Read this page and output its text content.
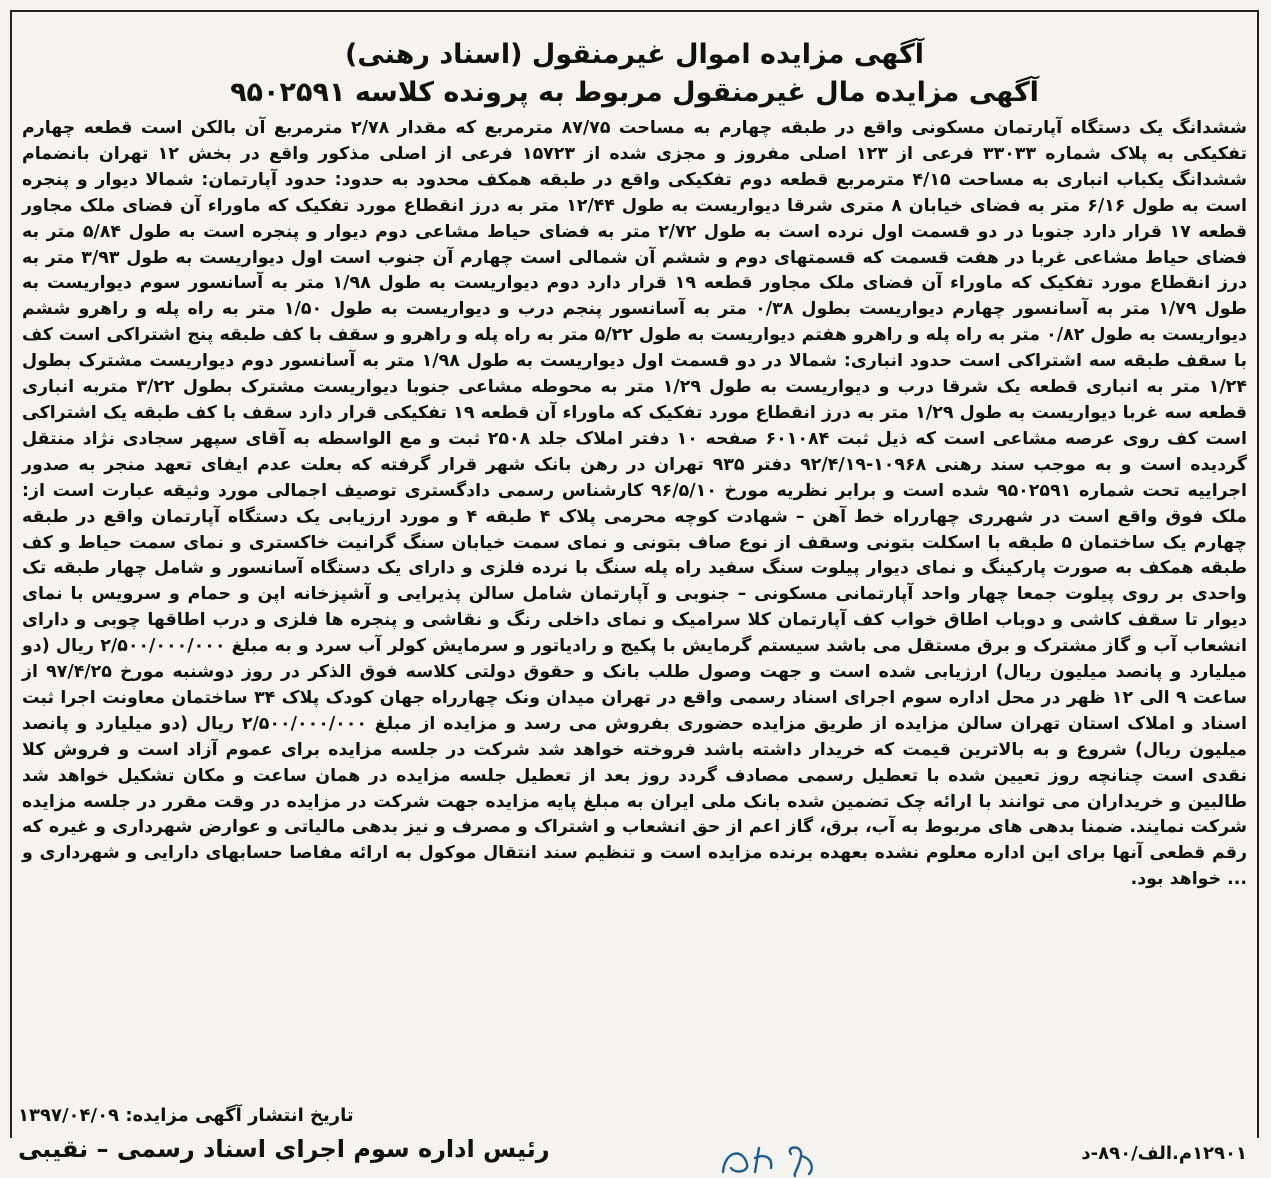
آگهی مزایده اموال غیرمنقول (اسناد رهنی)
آگهی مزایده مال غیرمنقول مربوط به پرونده کلاسه ۹۵۰۲۵۹۱

ششدانگ یک دستگاه آپارتمان مسکونی واقع در طبقه چهارم به مساحت ۸۷/۷۵ مترمربع که مقدار ۲/۷۸ مترمربع آن بالکن است قطعه چهارم تفکیکی به پلاک شماره ۳۳۰۳۳ فرعی از ۱۲۳ اصلی مفروز و مجزی شده از ۱۵۷۲۳ فرعی از اصلی مذکور واقع در بخش ۱۲ تهران بانضمام ششدانگ یکباب انباری به مساحت ۴/۱۵ مترمربع قطعه دوم تفکیکی واقع در طبقه همکف محدود به حدود: حدود آپارتمان: شمالا دیوار و پنجره است به طول ۶/۱۶ متر به فضای خیابان ۸ متری شرقا دیواریست به طول ۱۲/۴۴ متر به درز انقطاع مورد تفکیک که ماوراء آن فضای ملک مجاور قطعه ۱۷ قرار دارد جنوبا در دو قسمت اول نرده است به طول ۲/۷۲ متر به فضای حیاط مشاعی دوم دیوار و پنجره است به طول ۵/۸۴ متر به فضای حیاط مشاعی غربا در هفت قسمت که قسمتهای دوم و ششم آن شمالی است چهارم آن جنوب است اول دیواریست به طول ۳/۹۳ متر به درز انقطاع مورد تفکیک که ماوراء آن فضای ملک مجاور قطعه ۱۹ قرار دارد دوم دیواریست به طول ۱/۹۸ متر به آسانسور سوم دیواریست به طول ۱/۷۹ متر به آسانسور چهارم دیواریست بطول ۰/۳۸ متر به آسانسور پنجم درب و دیواریست به طول ۱/۵۰ متر به راه پله و راهرو ششم دیواریست به طول ۰/۸۲ متر به راه پله و راهرو هفتم دیواریست به طول ۵/۲۲ متر به راه پله و راهرو و سقف با کف طبقه پنج اشتراکی است کف با سقف طبقه سه اشتراکی است حدود انباری: شمالا در دو قسمت اول دیواریست به طول ۱/۹۸ متر به آسانسور دوم دیواریست مشترک بطول ۱/۲۴ متر به انباری قطعه یک شرقا درب و دیواریست به طول ۱/۲۹ متر به محوطه مشاعی جنوبا دیواریست مشترک بطول ۳/۲۲ متربه انباری قطعه سه غربا دیواریست به طول ۱/۲۹ متر به درز انقطاع مورد تفکیک که ماوراء آن قطعه ۱۹ تفکیکی قرار دارد سقف با کف طبقه یک اشتراکی است کف روی عرصه مشاعی است که ذیل ثبت ۶۰۱۰۸۴ صفحه ۱۰ دفتر املاک جلد ۲۵۰۸ ثبت و مع الواسطه به آقای سپهر سجادی نژاد منتقل گردیده است و به موجب سند رهنی ۱۰۹۶۸-۹۲/۴/۱۹ دفتر ۹۳۵ تهران در رهن بانک شهر قرار گرفته که بعلت عدم ایفای تعهد منجر به صدور اجراییه تحت شماره ۹۵۰۲۵۹۱ شده است و برابر نظریه مورخ ۹۶/۵/۱۰ کارشناس رسمی دادگستری توصیف اجمالی مورد وثیقه عبارت است از: ملک فوق واقع است در شهرری چهارراه خط آهن – شهادت کوچه محرمی پلاک ۴ طبقه ۴ و مورد ارزیابی یک دستگاه آپارتمان واقع در طبقه چهارم یک ساختمان ۵ طبقه با اسکلت بتونی وسقف از نوع صاف بتونی و نمای سمت خیابان سنگ گرانیت خاکستری و نمای سمت حیاط و کف طبقه همکف به صورت پارکینگ و نمای دیوار پیلوت سنگ سفید راه پله سنگ با نرده فلزی و دارای یک دستگاه آسانسور و شامل چهار طبقه تک واحدی بر روی پیلوت جمعا چهار واحد آپارتمانی مسکونی – جنوبی و آپارتمان شامل سالن پذیرایی و آشپزخانه اپن و حمام و سرویس با نمای دیوار تا سقف کاشی و دوباب اطاق خواب کف آپارتمان کلا سرامیک و نمای داخلی رنگ و نقاشی و پنجره ها فلزی و درب اطاقها چوبی و دارای انشعاب آب و گاز مشترک و برق مستقل می باشد سیستم گرمایش با پکیج و رادیاتور و سرمایش کولر آب سرد و به مبلغ ۲/۵۰۰/۰۰۰/۰۰۰ ریال (دو میلیارد و پانصد میلیون ریال) ارزیابی شده است و جهت وصول طلب بانک و حقوق دولتی کلاسه فوق الذکر در روز دوشنبه مورخ ۹۷/۴/۲۵ از ساعت ۹ الی ۱۲ ظهر در محل اداره سوم اجرای اسناد رسمی واقع در تهران میدان ونک چهارراه جهان کودک پلاک ۳۴ ساختمان معاونت اجرا ثبت اسناد و املاک استان تهران سالن مزایده از طریق مزایده حضوری بفروش می رسد و مزایده از مبلغ ۲/۵۰۰/۰۰۰/۰۰۰ ریال (دو میلیارد و پانصد میلیون ریال) شروع و به بالاترین قیمت که خریدار داشته باشد فروخته خواهد شد شرکت در جلسه مزایده برای عموم آزاد است و فروش کلا نقدی است چنانچه روز تعیین شده با تعطیل رسمی مصادف گردد روز بعد از تعطیل جلسه مزایده در همان ساعت و مکان تشکیل خواهد شد طالبین و خریداران می توانند با ارائه چک تضمین شده بانک ملی ایران به مبلغ پایه مزایده جهت شرکت در مزایده در وقت مقرر در جلسه مزایده شرکت نمایند. ضمنا بدهی های مربوط به آب، برق، گاز اعم از حق انشعاب و اشتراک و مصرف و نیز بدهی مالیاتی و عوارض شهرداری و غیره که رقم قطعی آنها برای این اداره معلوم نشده بعهده برنده مزایده است و تنظیم سند انتقال موکول به ارائه مفاصا حسابهای دارایی و شهرداری و ... خواهد بود.

تاریخ انتشار آگهی مزایده: ۱۳۹۷/۰۴/۰۹
رئیس اداره سوم اجرای اسناد رسمی – نقیبی	۱۲۹۰۱م.الف/۸۹۰-د
